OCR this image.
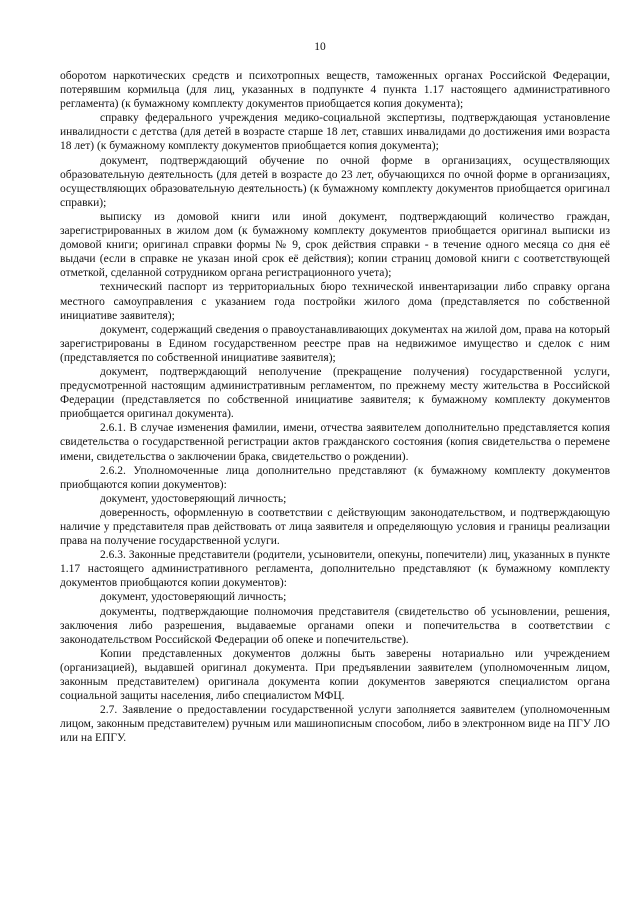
10

оборотом наркотических средств и психотропных веществ, таможенных органах Российской Федерации, потерявшим кормильца (для лиц, указанных в подпункте 4 пункта 1.17 настоящего административного регламента) (к бумажному комплекту документов приобщается копия документа);

справку федерального учреждения медико-социальной экспертизы, подтверждающая установление инвалидности с детства (для детей в возрасте старше 18 лет, ставших инвалидами до достижения ими возраста 18 лет) (к бумажному комплекту документов приобщается копия документа);

документ, подтверждающий обучение по очной форме в организациях, осуществляющих образовательную деятельность (для детей в возрасте до 23 лет, обучающихся по очной форме в организациях, осуществляющих образовательную деятельность) (к бумажному комплекту документов приобщается оригинал справки);

выписку из домовой книги или иной документ, подтверждающий количество граждан, зарегистрированных в жилом дом (к бумажному комплекту документов приобщается оригинал выписки из домовой книги; оригинал справки формы № 9, срок действия справки - в течение одного месяца со дня её выдачи (если в справке не указан иной срок её действия); копии страниц домовой книги с соответствующей отметкой, сделанной сотрудником органа регистрационного учета);

технический паспорт из территориальных бюро технической инвентаризации либо справку органа местного самоуправления с указанием года постройки жилого дома (представляется по собственной инициативе заявителя);

документ, содержащий сведения о правоустанавливающих документах на жилой дом, права на который зарегистрированы в Едином государственном реестре прав на недвижимое имущество и сделок с ним (представляется по собственной инициативе заявителя);

документ, подтверждающий неполучение (прекращение получения) государственной услуги, предусмотренной настоящим административным регламентом, по прежнему месту жительства в Российской Федерации (представляется по собственной инициативе заявителя; к бумажному комплекту документов приобщается оригинал документа).

2.6.1. В случае изменения фамилии, имени, отчества заявителем дополнительно представляется копия свидетельства о государственной регистрации актов гражданского состояния (копия свидетельства о перемене имени, свидетельства о заключении брака, свидетельство о рождении).

2.6.2. Уполномоченные лица дополнительно представляют (к бумажному комплекту документов приобщаются копии документов):

документ, удостоверяющий личность;

доверенность, оформленную в соответствии с действующим законодательством, и подтверждающую наличие у представителя прав действовать от лица заявителя и определяющую условия и границы реализации права на получение государственной услуги.

2.6.3. Законные представители (родители, усыновители, опекуны, попечители) лиц, указанных в пункте 1.17 настоящего административного регламента, дополнительно представляют (к бумажному комплекту документов приобщаются копии документов):

документ, удостоверяющий личность;

документы, подтверждающие полномочия представителя (свидетельство об усыновлении, решения, заключения либо разрешения, выдаваемые органами опеки и попечительства в соответствии с законодательством Российской Федерации об опеке и попечительстве).

Копии представленных документов должны быть заверены нотариально или учреждением (организацией), выдавшей оригинал документа. При предъявлении заявителем (уполномоченным лицом, законным представителем) оригинала документа копии документов заверяются специалистом органа социальной защиты населения, либо специалистом МФЦ.

2.7. Заявление о предоставлении государственной услуги заполняется заявителем (уполномоченным лицом, законным представителем) ручным или машинописным способом, либо в электронном виде на ПГУ ЛО или на ЕПГУ.
